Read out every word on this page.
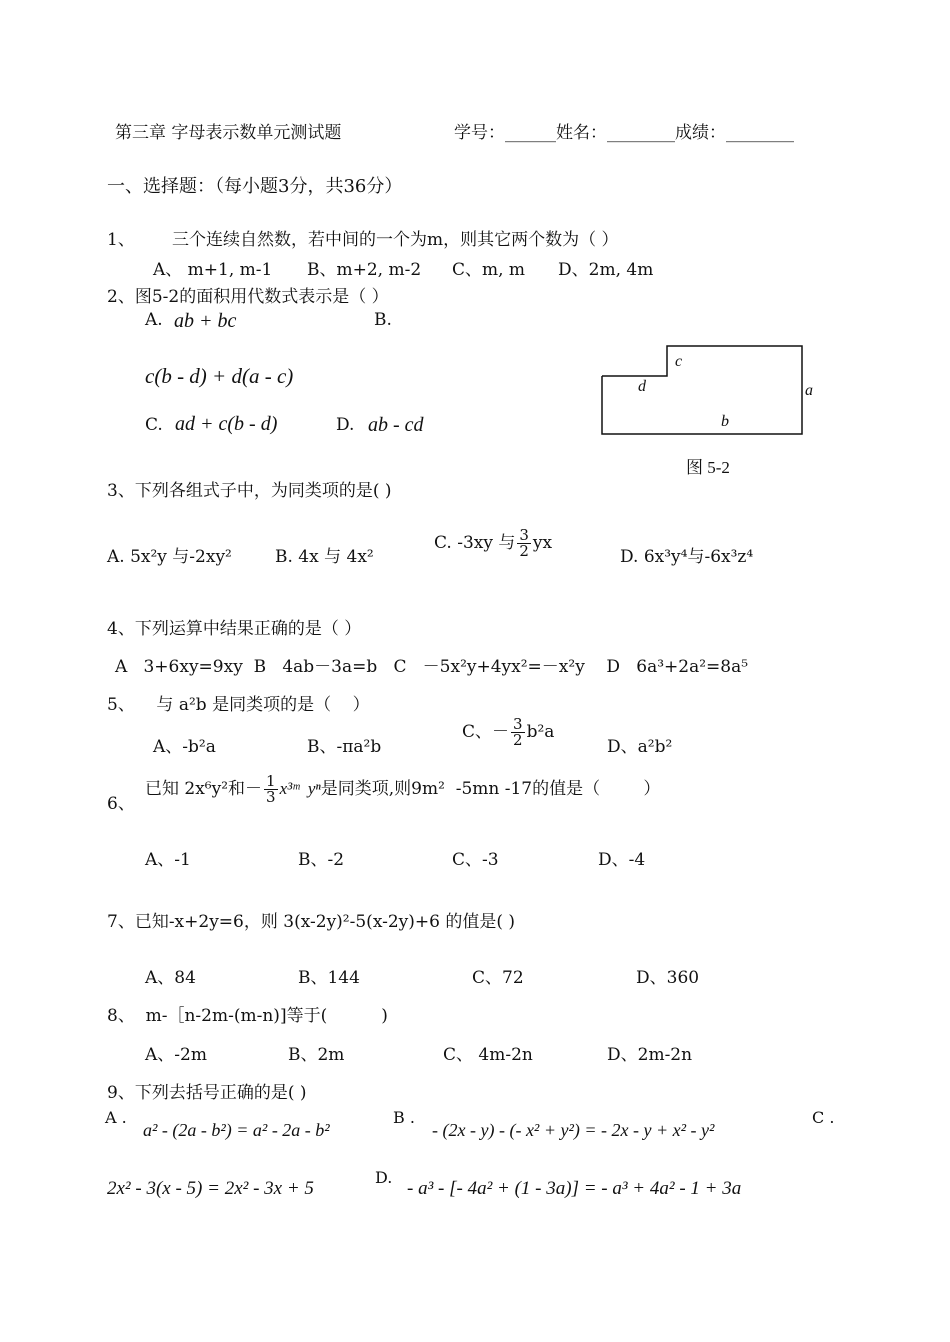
第三章 字母表示数单元测试题	学号：______姓名：________成绩：________
一、选择题：（每小题3分，共36分）
1、 三个连续自然数，若中间的一个为m，则其它两个数为（ ）
A、 m+1, m-1 B、m+2, m-2 C、m, m D、2m, 4m
2、图5-2的面积用代数式表示是（ ）
A. ab + bc	B.
c(b - d) + d(a - c)
C. ad + c(b - d)	D. ab - cd
c
d	a
b
图 5-2
3、下列各组式子中，为同类项的是( )
A. 5x²y 与-2xy²	B. 4x 与 4x²
C. -3xy 与 $\frac{3}{2}$ yx
D. 6x³y⁴与-6x³z⁴
4、下列运算中结果正确的是（ ）
A   3+6xy=9xy  B   4ab－3a=b   C   －5x²y+4yx²=－x²y    D   6a³+2a²=8a⁵
5、    与 a²b 是同类项的是（    ）
A、-b²a	B、-πa²b
C、－ $\frac{3}{2} b^2a$
D、a²b²
6、
已知 2x⁶y²和－ $\frac{1}{3}$ x³ᵐ  yⁿ是同类项,则9m²  -5mn -17的值是（        ）
A、-1	B、-2	C、-3	D、-4
7、已知-x+2y=6，则 3(x-2y)²-5(x-2y)+6 的值是( )
A、84	B、144	C、72	D、360
8、  m-［n-2m-(m-n)]等于(          )
A、-2m	B、2m	C、 4m-2n	D、2m-2n
9、下列去括号正确的是( )
A .
a² - (2a - b²) = a² - 2a - b²
B .
- (2x - y) - (- x² + y²) = - 2x - y + x² - y²
C .
2x² - 3(x - 5) = 2x² - 3x + 5
D.
- a³ - [- 4a² + (1 - 3a)] = - a³ + 4a² - 1 + 3a
